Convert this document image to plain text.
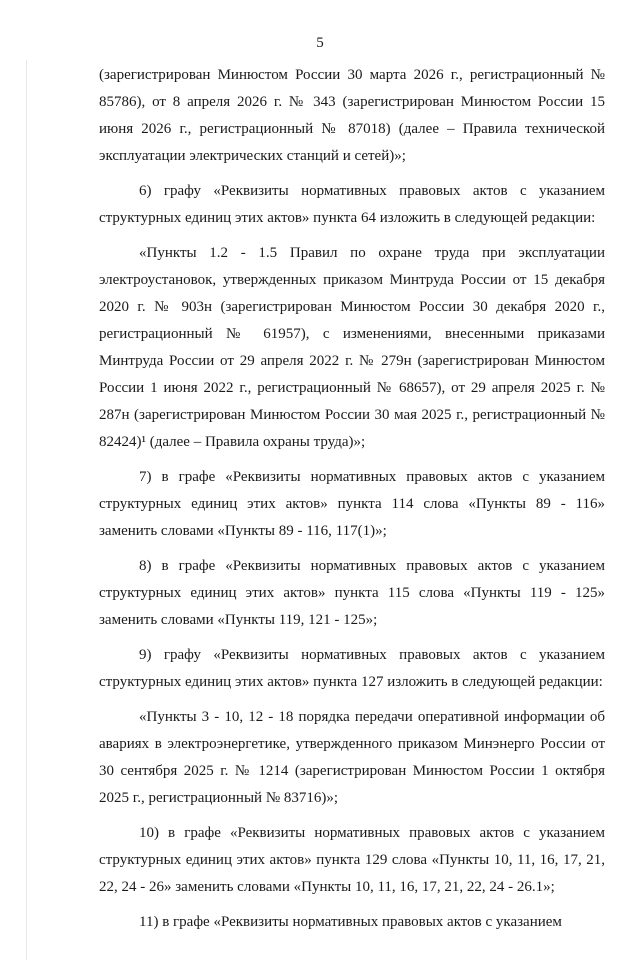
5

(зарегистрирован Минюстом России 30 марта 2026 г., регистрационный № 85786), от 8 апреля 2026 г. № 343 (зарегистрирован Минюстом России 15 июня 2026 г., регистрационный № 87018) (далее – Правила технической эксплуатации электрических станций и сетей)»;

6) графу «Реквизиты нормативных правовых актов с указанием структурных единиц этих актов» пункта 64 изложить в следующей редакции:

«Пункты 1.2 - 1.5 Правил по охране труда при эксплуатации электроустановок, утвержденных приказом Минтруда России от 15 декабря 2020 г. № 903н (зарегистрирован Минюстом России 30 декабря 2020 г., регистрационный № 61957), с изменениями, внесенными приказами Минтруда России от 29 апреля 2022 г. № 279н (зарегистрирован Минюстом России 1 июня 2022 г., регистрационный № 68657), от 29 апреля 2025 г. № 287н (зарегистрирован Минюстом России 30 мая 2025 г., регистрационный № 82424)¹ (далее – Правила охраны труда)»;

7) в графе «Реквизиты нормативных правовых актов с указанием структурных единиц этих актов» пункта 114 слова «Пункты 89 - 116» заменить словами «Пункты 89 - 116, 117(1)»;

8) в графе «Реквизиты нормативных правовых актов с указанием структурных единиц этих актов» пункта 115 слова «Пункты 119 - 125» заменить словами «Пункты 119, 121 - 125»;

9) графу «Реквизиты нормативных правовых актов с указанием структурных единиц этих актов» пункта 127 изложить в следующей редакции:

«Пункты 3 - 10, 12 - 18 порядка передачи оперативной информации об авариях в электроэнергетике, утвержденного приказом Минэнерго России от 30 сентября 2025 г. № 1214 (зарегистрирован Минюстом России 1 октября 2025 г., регистрационный № 83716)»;

10) в графе «Реквизиты нормативных правовых актов с указанием структурных единиц этих актов» пункта 129 слова «Пункты 10, 11, 16, 17, 21, 22, 24 - 26» заменить словами «Пункты 10, 11, 16, 17, 21, 22, 24 - 26.1»;

11) в графе «Реквизиты нормативных правовых актов с указанием
